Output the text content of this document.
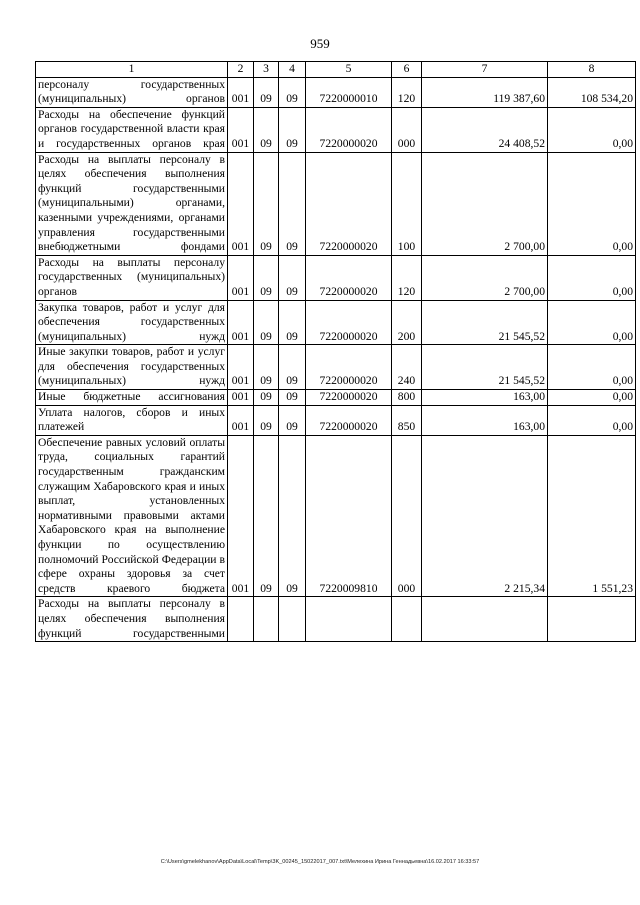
959
1	2	3	4	5	6	7	8
персоналу государственных (муниципальных) органов	001	09	09	7220000010	120	119 387,60	108 534,20
Расходы на обеспечение функций органов государственной власти края и государственных органов края	001	09	09	7220000020	000	24 408,52	0,00
Расходы на выплаты персоналу в целях обеспечения выполнения функций государственными (муниципальными) органами, казенными учреждениями, органами управления государственными внебюджетными фондами	001	09	09	7220000020	100	2 700,00	0,00
Расходы на выплаты персоналу государственных (муниципальных) органов	001	09	09	7220000020	120	2 700,00	0,00
Закупка товаров, работ и услуг для обеспечения государственных (муниципальных) нужд	001	09	09	7220000020	200	21 545,52	0,00
Иные закупки товаров, работ и услуг для обеспечения государственных (муниципальных) нужд	001	09	09	7220000020	240	21 545,52	0,00
Иные бюджетные ассигнования	001	09	09	7220000020	800	163,00	0,00
Уплата налогов, сборов и иных платежей	001	09	09	7220000020	850	163,00	0,00
Обеспечение равных условий оплаты труда, социальных гарантий государственным гражданским служащим Хабаровского края и иных выплат, установленных нормативными правовыми актами Хабаровского края на выполнение функции по осуществлению полномочий Российской Федерации в сфере охраны здоровья за счет средств краевого бюджета	001	09	09	7220009810	000	2 215,34	1 551,23
Расходы на выплаты персоналу в целях обеспечения выполнения функций государственными							
C:\Users\gmelekhanov\AppData\Local\Temp\3K_00245_15022017_007.txt\Мелехина Ирина Геннадьевна\16.02.2017 16:33:57
